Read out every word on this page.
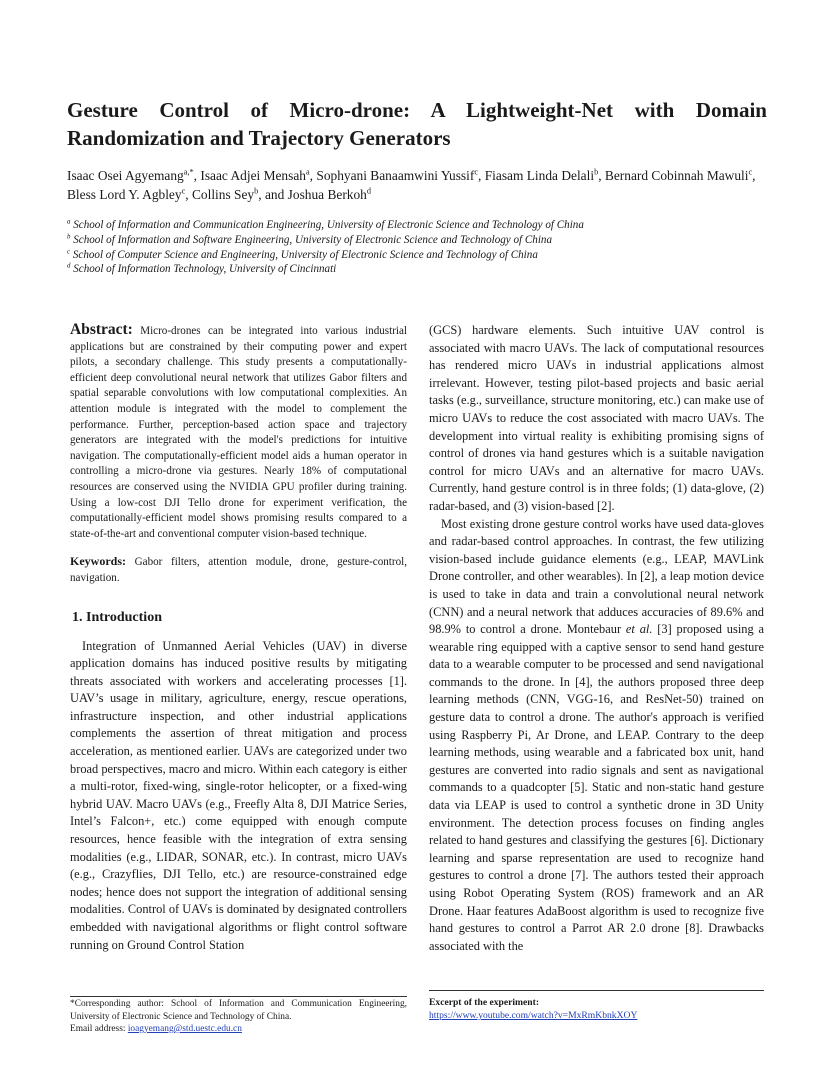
Gesture Control of Micro-drone: A Lightweight-Net with Domain Randomization and Trajectory Generators

Isaac Osei Agyemang$^{a,*}$, Isaac Adjei Mensah$^a$, Sophyani Banaamwini Yussif$^c$, Fiasam Linda Delali$^b$, Bernard Cobinnah Mawuli$^c$, Bless Lord Y. Agbley$^c$, Collins Sey$^b$, and Joshua Berkoh$^d$

$^a$ School of Information and Communication Engineering, University of Electronic Science and Technology of China
$^b$ School of Information and Software Engineering, University of Electronic Science and Technology of China
$^c$ School of Computer Science and Engineering, University of Electronic Science and Technology of China
$^d$ School of Information Technology, University of Cincinnati

Abstract: Micro-drones can be integrated into various industrial applications but are constrained by their computing power and expert pilots, a secondary challenge. This study presents a computationally-efficient deep convolutional neural network that utilizes Gabor filters and spatial separable convolutions with low computational complexities. An attention module is integrated with the model to complement the performance. Further, perception-based action space and trajectory generators are integrated with the model's predictions for intuitive navigation. The computationally-efficient model aids a human operator in controlling a micro-drone via gestures. Nearly 18% of computational resources are conserved using the NVIDIA GPU profiler during training. Using a low-cost DJI Tello drone for experiment verification, the computationally-efficient model shows promising results compared to a state-of-the-art and conventional computer vision-based technique.

Keywords: Gabor filters, attention module, drone, gesture-control, navigation.

1. Introduction

Integration of Unmanned Aerial Vehicles (UAV) in diverse application domains has induced positive results by mitigating threats associated with workers and accelerating processes [1]. UAV’s usage in military, agriculture, energy, rescue operations, infrastructure inspection, and other industrial applications complements the assertion of threat mitigation and process acceleration, as mentioned earlier. UAVs are categorized under two broad perspectives, macro and micro. Within each category is either a multi-rotor, fixed-wing, single-rotor helicopter, or a fixed-wing hybrid UAV. Macro UAVs (e.g., Freefly Alta 8, DJI Matrice Series, Intel’s Falcon+, etc.) come equipped with enough compute resources, hence feasible with the integration of extra sensing modalities (e.g., LIDAR, SONAR, etc.). In contrast, micro UAVs (e.g., Crazyflies, DJI Tello, etc.) are resource-constrained edge nodes; hence does not support the integration of additional sensing modalities. Control of UAVs is dominated by designated controllers embedded with navigational algorithms or flight control software running on Ground Control Station

(GCS) hardware elements. Such intuitive UAV control is associated with macro UAVs. The lack of computational resources has rendered micro UAVs in industrial applications almost irrelevant. However, testing pilot-based projects and basic aerial tasks (e.g., surveillance, structure monitoring, etc.) can make use of micro UAVs to reduce the cost associated with macro UAVs. The development into virtual reality is exhibiting promising signs of control of drones via hand gestures which is a suitable navigation control for micro UAVs and an alternative for macro UAVs. Currently, hand gesture control is in three folds; (1) data-glove, (2) radar-based, and (3) vision-based [2].

Most existing drone gesture control works have used data-gloves and radar-based control approaches. In contrast, the few utilizing vision-based include guidance elements (e.g., LEAP, MAVLink Drone controller, and other wearables). In [2], a leap motion device is used to take in data and train a convolutional neural network (CNN) and a neural network that adduces accuracies of 89.6% and 98.9% to control a drone. Montebaur et al. [3] proposed using a wearable ring equipped with a captive sensor to send hand gesture data to a wearable computer to be processed and send navigational commands to the drone. In [4], the authors proposed three deep learning methods (CNN, VGG-16, and ResNet-50) trained on gesture data to control a drone. The author's approach is verified using Raspberry Pi, Ar Drone, and LEAP. Contrary to the deep learning methods, using wearable and a fabricated box unit, hand gestures are converted into radio signals and sent as navigational commands to a quadcopter [5]. Static and non-static hand gesture data via LEAP is used to control a synthetic drone in 3D Unity environment. The detection process focuses on finding angles related to hand gestures and classifying the gestures [6]. Dictionary learning and sparse representation are used to recognize hand gestures to control a drone [7]. The authors tested their approach using Robot Operating System (ROS) framework and an AR Drone. Haar features AdaBoost algorithm is used to recognize five hand gestures to control a Parrot AR 2.0 drone [8]. Drawbacks associated with the

*Corresponding author: School of Information and Communication Engineering, University of Electronic Science and Technology of China.
Email address: ioagyemang@std.uestc.edu.cn
Excerpt of the experiment:
https://www.youtube.com/watch?v=MxRmKbnkXOY
